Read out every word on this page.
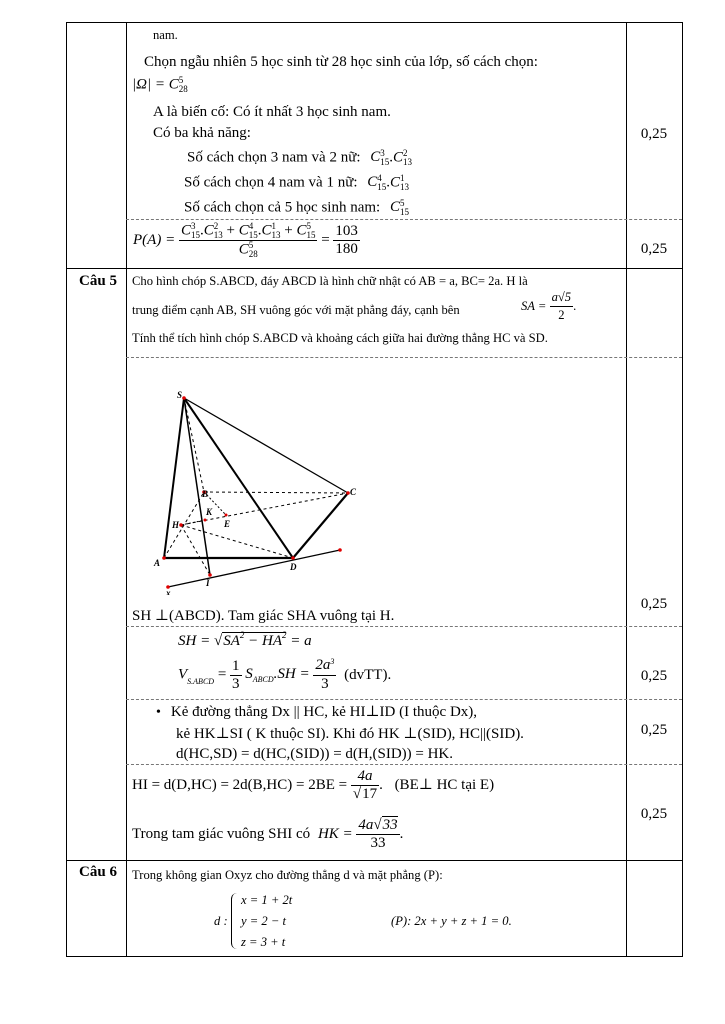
nam.
Chọn ngẫu nhiên 5 học sinh từ 28 học sinh của lớp, số cách chọn:
|Ω| = C5
28
A là biến cố: Có ít nhất 3 học sinh nam.
Có ba khả năng:
Số cách chọn 3 nam và 2 nữ: C3
15.C2
13
Số cách chọn 4 nam và 1 nữ: C4
15.C1
13
Số cách chọn cả 5 học sinh nam: C5
15
0,25
P(A) =
C3
15.C2
13 + C4
15.C1
13 + C5
15
C5
28
= $\frac{103}{180}$	0,25
Câu 5	Cho hình chóp S.ABCD, đáy ABCD là hình chữ nhật có AB = a, BC= 2a. H là
trung điểm cạnh AB, SH vuông góc với mặt phẳng đáy, cạnh bên	SA = $\frac{a√5}{2}$ .
Tính thể tích hình chóp S.ABCD và khoảng cách giữa hai đường thẳng HC và SD.
S
A	D
C
B
H
K
E
I
x
SH ⊥(ABCD). Tam giác SHA vuông tại H.
0,25
SH = $√SA^2 - HA^2 = a$
$V_{S.ABCD} = \frac{1}{3} S_{ABCD}.SH = \frac{2a^3}{3}$ (dvTT).	0,25
• Kẻ đường thẳng Dx || HC, kẻ HI⊥ID (I thuộc Dx),
kẻ HK⊥SI ( K thuộc SI). Khi đó HK ⊥(SID), HC||(SID).
d(HC,SD) = d(HC,(SID)) = d(H,(SID)) = HK.
0,25
HI = $d(D,HC) = 2d(B,HC) = 2BE = \frac{4a}{√17}$ . (BE⊥ HC tại E)
Trong tam giác vuông SHI có HK = $\frac{4a√33}{33}$ .
0,25
Câu 6	Trong không gian Oxyz cho đường thẳng d và mặt phẳng (P):
d :
x = 1 + 2t
y = 2 − t
z = 3 + t
(P): 2x + y + z + 1 = 0.
